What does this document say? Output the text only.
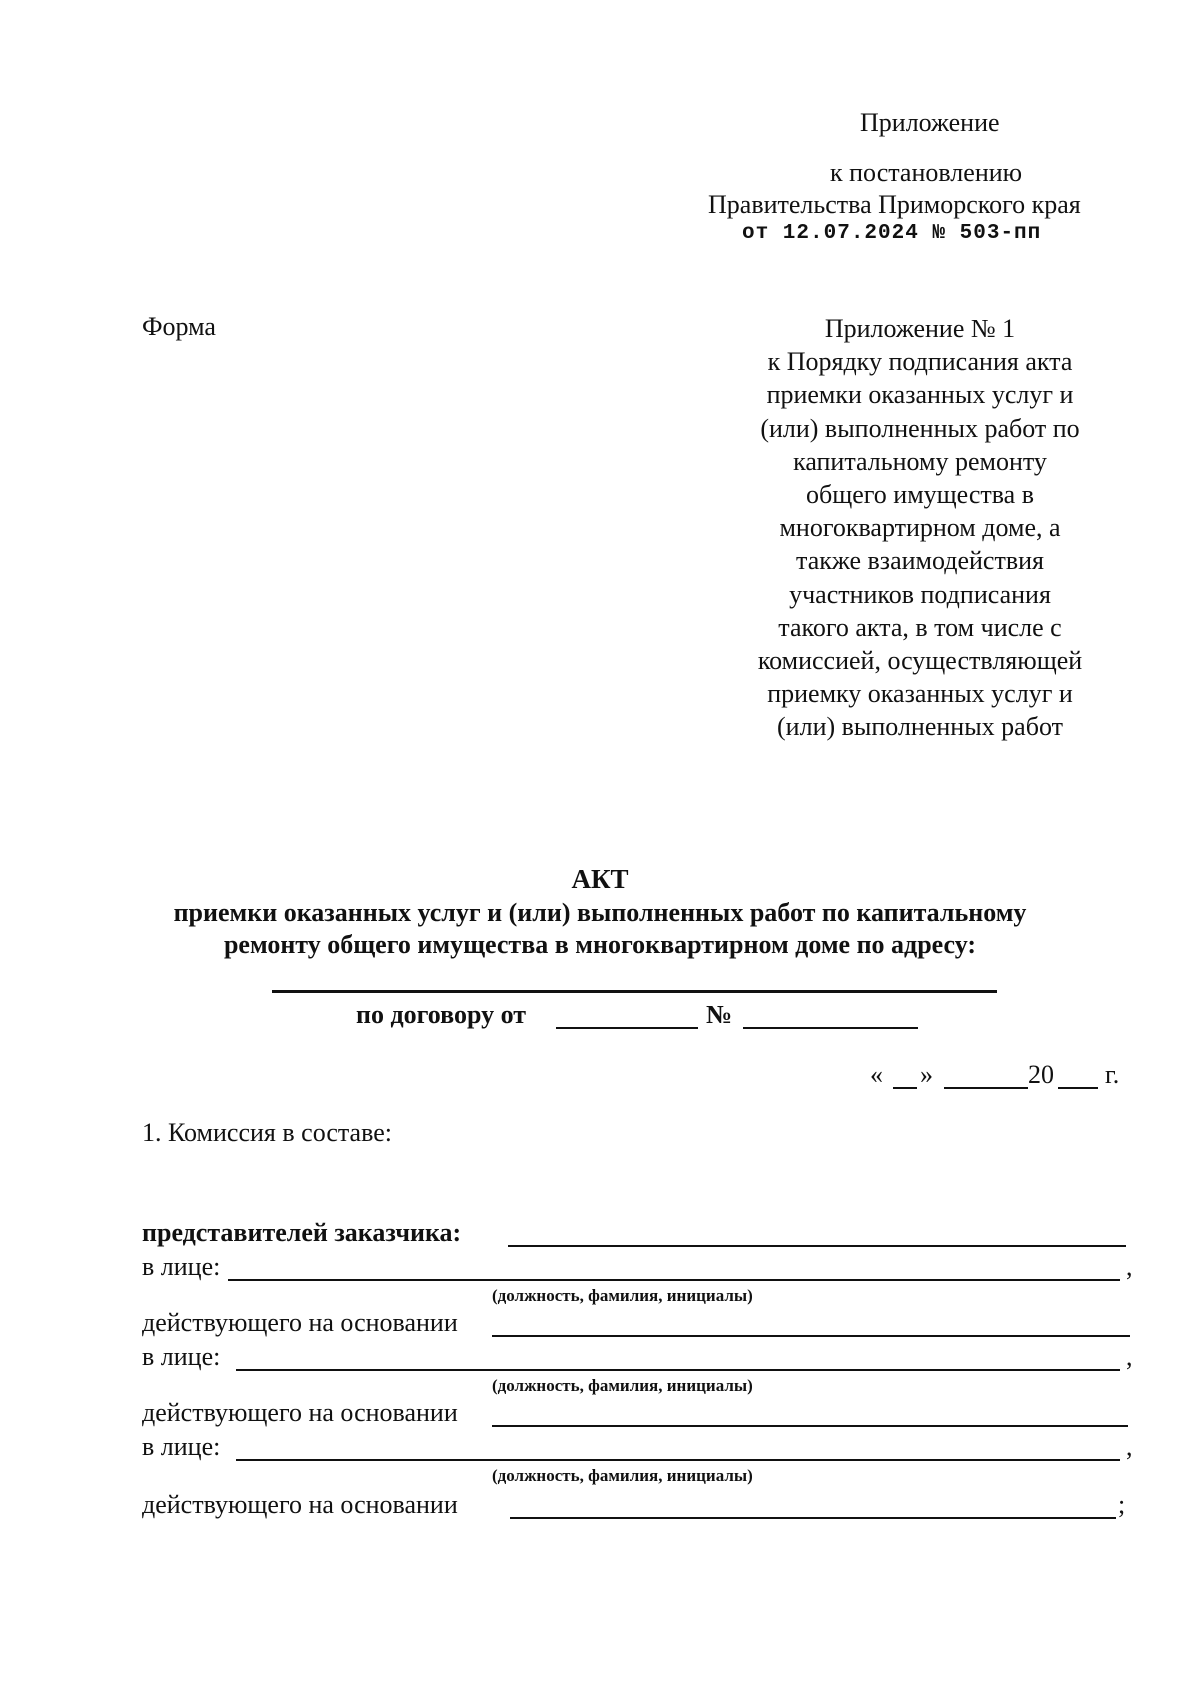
Приложение
к постановлению
Правительства Приморского края
от 12.07.2024 № 503-пп
Форма	Приложение № 1
к Порядку подписания акта
приемки оказанных услуг и
(или) выполненных работ по
капитальному ремонту
общего имущества в
многоквартирном доме, а
также взаимодействия
участников подписания
такого акта, в том числе с
комиссией, осуществляющей
приемку оказанных услуг и
(или) выполненных работ
АКТ
приемки оказанных услуг и (или) выполненных работ по капитальному
ремонту общего имущества в многоквартирном доме по адресу:
по договору от	№
« »	20 г.
1. Комиссия в составе:
представителей заказчика:
в лице:	,
(должность, фамилия, инициалы)
действующего на основании
в лице:	,
(должность, фамилия, инициалы)
действующего на основании
в лице:	,
(должность, фамилия, инициалы)
действующего на основании	;
